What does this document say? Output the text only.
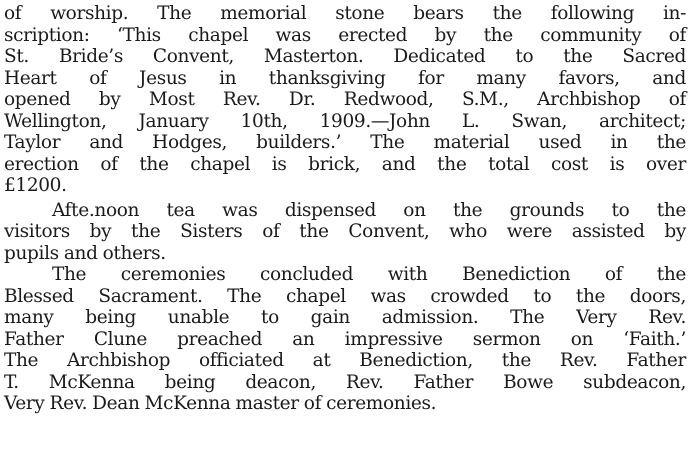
of worship. The memorial stone bears the following in-
scription: ‘This chapel was erected by the community of
St. Bride’s Convent, Masterton. Dedicated to the Sacred
Heart of Jesus in thanksgiving for many favors, and
opened by Most Rev. Dr. Redwood, S.M., Archbishop of
Wellington, January 10th, 1909.—John L. Swan, architect;
Taylor and Hodges, builders.’ The material used in the
erection of the chapel is brick, and the total cost is over
£1200.
Afte.noon tea was dispensed on the grounds to the
visitors by the Sisters of the Convent, who were assisted by
pupils and others.
The ceremonies concluded with Benediction of the
Blessed Sacrament. The chapel was crowded to the doors,
many being unable to gain admission. The Very Rev.
Father Clune preached an impressive sermon on ‘Faith.’
The Archbishop officiated at Benediction, the Rev. Father
T. McKenna being deacon, Rev. Father Bowe subdeacon,
Very Rev. Dean McKenna master of ceremonies.
